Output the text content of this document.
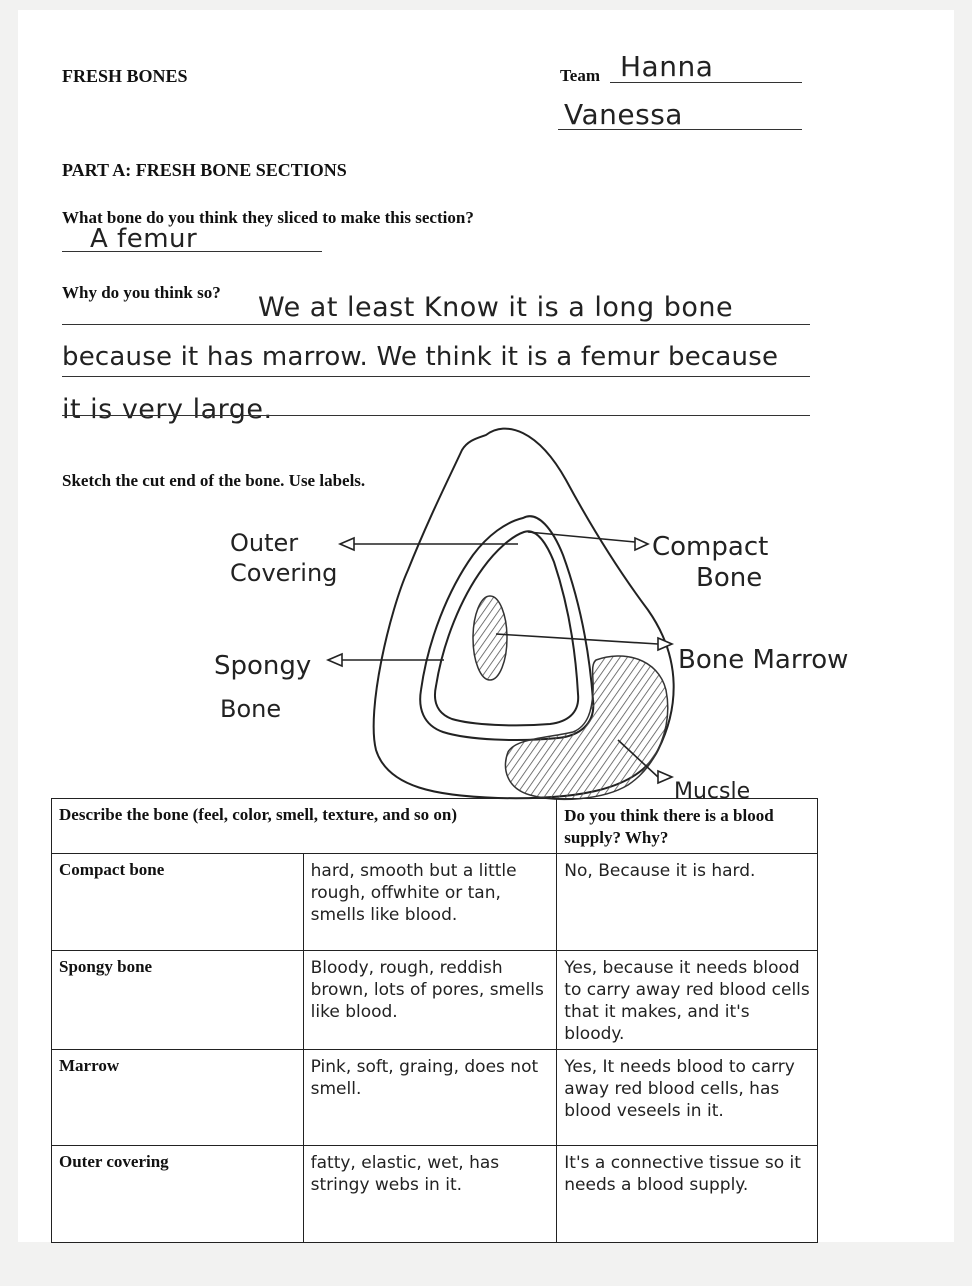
FRESH BONES	Team Hanna
Vanessa
PART A: FRESH BONE SECTIONS
What bone do you think they sliced to make this section?
A femur
Why do you think so? We at least Know it is a long bone
because it has marrow. We think it is a femur because
it is very large.
Sketch the cut end of the bone. Use labels.
Outer
Covering
Compact
Bone
Spongy
Bone
Bone Marrow
Mucsle
Describe the bone (feel, color, smell, texture, and so on)		Do you think there is a blood supply? Why?
Compact bone	hard, smooth but a little rough, offwhite or tan, smells like blood.	No, Because it is hard.
Spongy bone	Bloody, rough, reddish brown, lots of pores, smells like blood.	Yes, because it needs blood to carry away red blood cells that it makes, and it's bloody.
Marrow	Pink, soft, graing, does not smell.	Yes, It needs blood to carry away red blood cells, has blood veseels in it.
Outer covering	fatty, elastic, wet, has stringy webs in it.	It's a connective tissue so it needs a blood supply.
